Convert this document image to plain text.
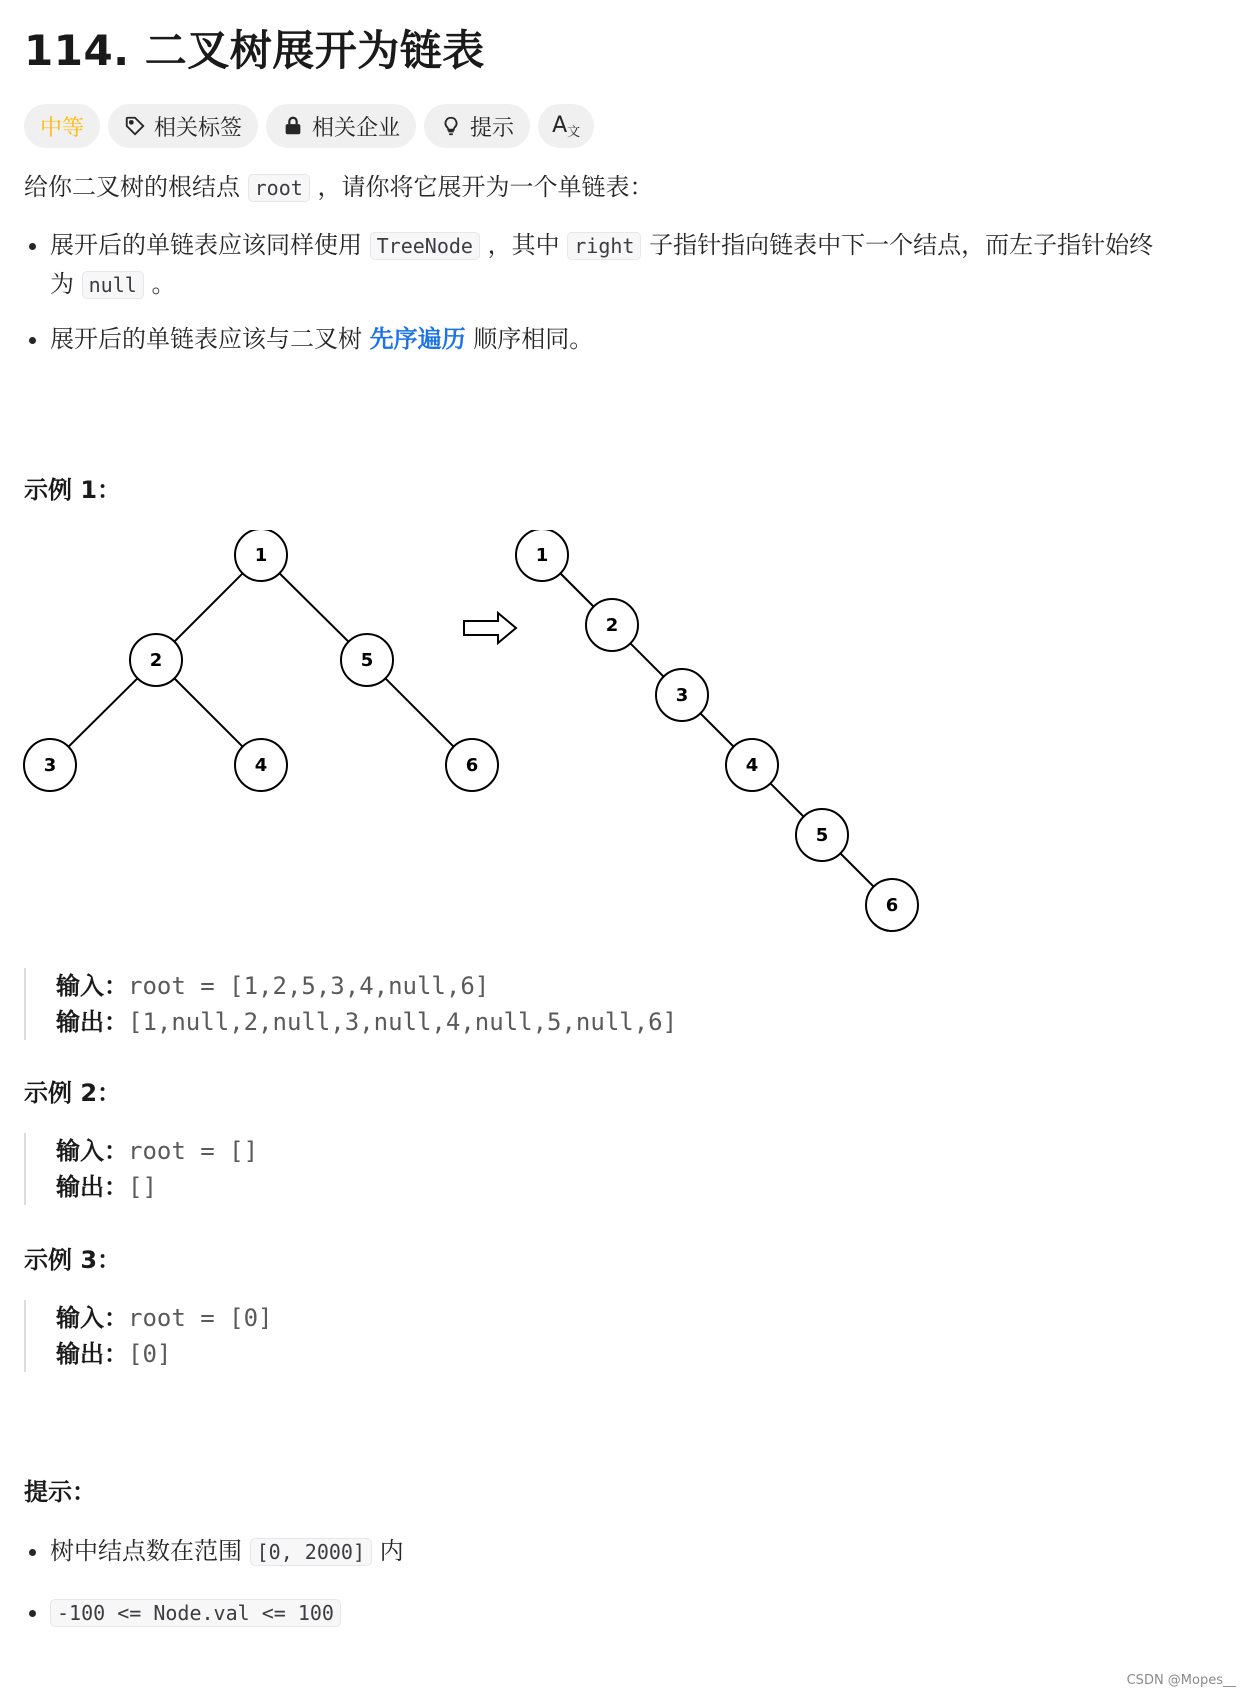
114. 二叉树展开为链表
中等	相关标签	相关企业	提示 A文

给你二叉树的根结点 root ，请你将它展开为一个单链表：

• 展开后的单链表应该同样使用 TreeNode ，其中 right 子指针指向链表中下一个结点，而左子指针始终
为 null 。
• 展开后的单链表应该与二叉树 先序遍历 顺序相同。

示例 1：

1
2	5
3	4	6
1
2
3
4
5
6
输入：root = [1,2,5,3,4,null,6]
输出：[1,null,2,null,3,null,4,null,5,null,6]

示例 2：

输入：root = []
输出：[]

示例 3：

输入：root = [0]
输出：[0]

提示：

• 树中结点数在范围 [0, 2000] 内
• -100 <= Node.val <= 100
CSDN @Mopes__
